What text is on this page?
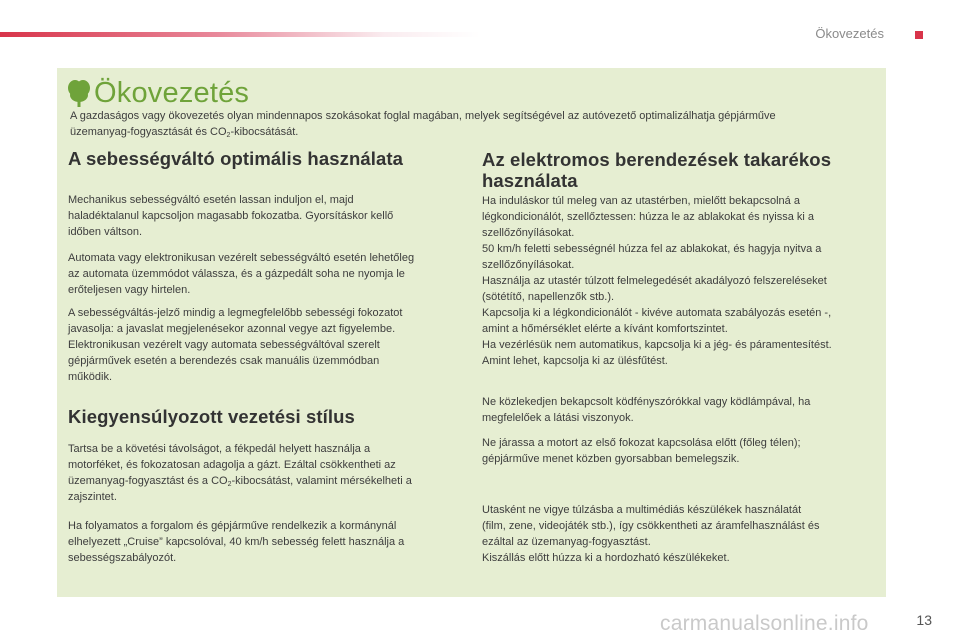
Ökovezetés
Ökovezetés
A gazdaságos vagy ökovezetés olyan mindennapos szokásokat foglal magában, melyek segítségével az autóvezető optimalizálhatja gépjárműve
üzemanyag-fogyasztását és $CO_2$-kibocsátását.
A sebességváltó optimális használata
Mechanikus sebességváltó esetén lassan induljon el, majd
haladéktalanul kapcsoljon magasabb fokozatba. Gyorsításkor kellő
időben váltson.
Automata vagy elektronikusan vezérelt sebességváltó esetén lehetőleg
az automata üzemmódot válassza, és a gázpedált soha ne nyomja le
erőteljesen vagy hirtelen.
A sebességváltás-jelző mindig a legmegfelelőbb sebességi fokozatot
javasolja: a javaslat megjelenésekor azonnal vegye azt figyelembe.
Elektronikusan vezérelt vagy automata sebességváltóval szerelt
gépjárművek esetén a berendezés csak manuális üzemmódban
működik.
Kiegyensúlyozott vezetési stílus
Tartsa be a követési távolságot, a fékpedál helyett használja a
motorféket, és fokozatosan adagolja a gázt. Ezáltal csökkentheti az
üzemanyag-fogyasztást és a $CO_2$-kibocsátást, valamint mérsékelheti a
zajszintet.
Ha folyamatos a forgalom és gépjárműve rendelkezik a kormánynál
elhelyezett „Cruise” kapcsolóval, 40 km/h sebesség felett használja a
sebességszabályozót.
Az elektromos berendezések takarékos
használata
Ha induláskor túl meleg van az utastérben, mielőtt bekapcsolná a
légkondicionálót, szellőztessen: húzza le az ablakokat és nyissa ki a
szellőzőnyílásokat.
50 km/h feletti sebességnél húzza fel az ablakokat, és hagyja nyitva a
szellőzőnyílásokat.
Használja az utastér túlzott felmelegedését akadályozó felszereléseket
(sötétítő, napellenzők stb.).
Kapcsolja ki a légkondicionálót - kivéve automata szabályozás esetén -,
amint a hőmérséklet elérte a kívánt komfortszintet.
Ha vezérlésük nem automatikus, kapcsolja ki a jég- és páramentesítést.
Amint lehet, kapcsolja ki az ülésfűtést.
Ne közlekedjen bekapcsolt ködfényszórókkal vagy ködlámpával, ha
megfelelőek a látási viszonyok.
Ne járassa a motort az első fokozat kapcsolása előtt (főleg télen);
gépjárműve menet közben gyorsabban bemelegszik.
Utasként ne vigye túlzásba a multimédiás készülékek használatát
(film, zene, videojáték stb.), így csökkentheti az áramfelhasználást és
ezáltal az üzemanyag-fogyasztást.
Kiszállás előtt húzza ki a hordozható készülékeket.
carmanualsonline.info	13
